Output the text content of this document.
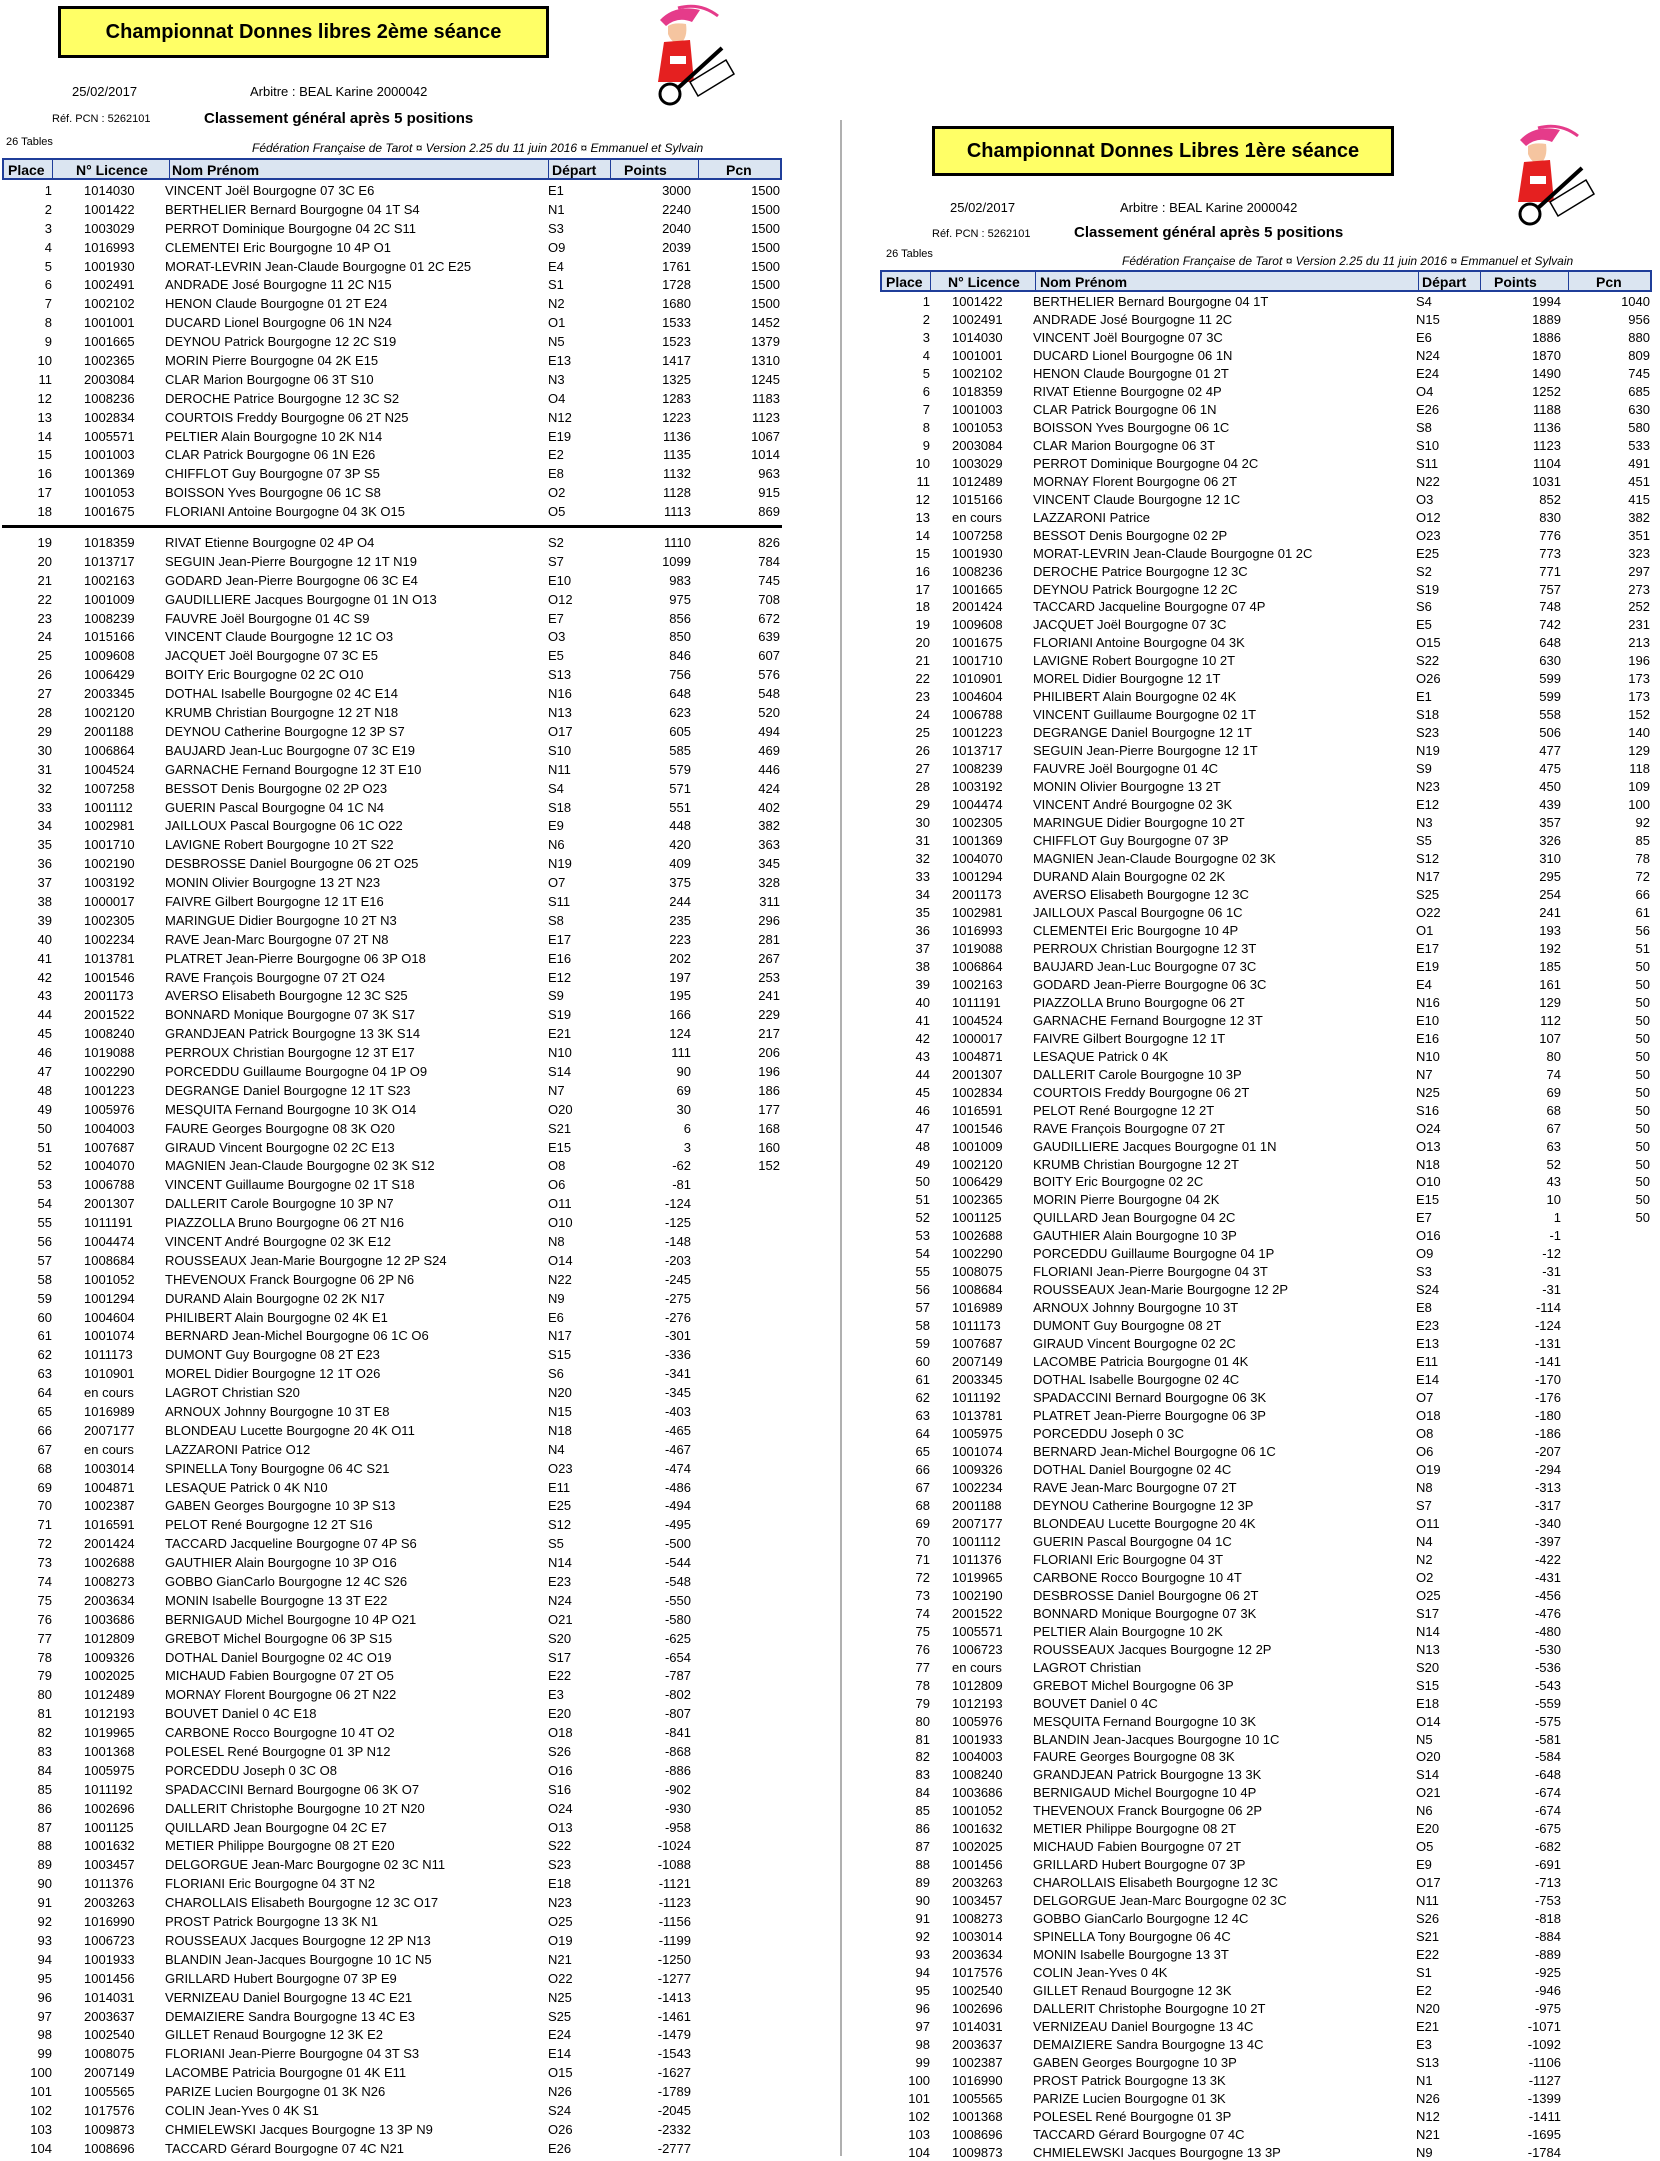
Championnat Donnes libres 2ème séance
25/02/2017	Arbitre : BEAL Karine 2000042
Réf. PCN : 5262101	Classement général après 5 positions
26 Tables	Fédération Française de Tarot ¤ Version 2.25 du 11 juin 2016 ¤ Emmanuel et Sylvain
Place N° Licence Nom Prénom	Départ Points	Pcn
1 1014030 VINCENT Joël Bourgogne 07 3C E6	E1	3000	1500
2 1001422 BERTHELIER Bernard Bourgogne 04 1T S4	N1	2240	1500
3 1003029 PERROT Dominique Bourgogne 04 2C S11	S3	2040	1500
4 1016993 CLEMENTEI Eric Bourgogne 10 4P O1	O9	2039	1500
5 1001930 MORAT-LEVRIN Jean-Claude Bourgogne 01 2C E25	E4	1761	1500
6 1002491 ANDRADE José Bourgogne 11 2C N15	S1	1728	1500
7 1002102 HENON Claude Bourgogne 01 2T E24	N2	1680	1500
8 1001001 DUCARD Lionel Bourgogne 06 1N N24	O1	1533	1452
9 1001665 DEYNOU Patrick Bourgogne 12 2C S19	N5	1523	1379
10 1002365 MORIN Pierre Bourgogne 04 2K E15	E13	1417	1310
11 2003084 CLAR Marion Bourgogne 06 3T S10	N3	1325	1245
12 1008236 DEROCHE Patrice Bourgogne 12 3C S2	O4	1283	1183
13 1002834 COURTOIS Freddy Bourgogne 06 2T N25	N12	1223	1123
14 1005571 PELTIER Alain Bourgogne 10 2K N14	E19	1136	1067
15 1001003 CLAR Patrick Bourgogne 06 1N E26	E2	1135	1014
16 1001369 CHIFFLOT Guy Bourgogne 07 3P S5	E8	1132	963
17 1001053 BOISSON Yves Bourgogne 06 1C S8	O2	1128	915
18 1001675 FLORIANI Antoine Bourgogne 04 3K O15	O5	1113	869
19 1018359 RIVAT Etienne Bourgogne 02 4P O4	S2	1110	826
20 1013717 SEGUIN Jean-Pierre Bourgogne 12 1T N19	S7	1099	784
21 1002163 GODARD Jean-Pierre Bourgogne 06 3C E4	E10	983	745
22 1001009 GAUDILLIERE Jacques Bourgogne 01 1N O13	O12	975	708
23 1008239 FAUVRE Joël Bourgogne 01 4C S9	E7	856	672
24 1015166 VINCENT Claude Bourgogne 12 1C O3	O3	850	639
25 1009608 JACQUET Joël Bourgogne 07 3C E5	E5	846	607
26 1006429 BOITY Eric Bourgogne 02 2C O10	S13	756	576
27 2003345 DOTHAL Isabelle Bourgogne 02 4C E14	N16	648	548
28 1002120 KRUMB Christian Bourgogne 12 2T N18	N13	623	520
29 2001188 DEYNOU Catherine Bourgogne 12 3P S7	O17	605	494
30 1006864 BAUJARD Jean-Luc Bourgogne 07 3C E19	S10	585	469
31 1004524 GARNACHE Fernand Bourgogne 12 3T E10	N11	579	446
32 1007258 BESSOT Denis Bourgogne 02 2P O23	S4	571	424
33 1001112 GUERIN Pascal Bourgogne 04 1C N4	S18	551	402
34 1002981 JAILLOUX Pascal Bourgogne 06 1C O22	E9	448	382
35 1001710 LAVIGNE Robert Bourgogne 10 2T S22	N6	420	363
36 1002190 DESBROSSE Daniel Bourgogne 06 2T O25	N19	409	345
37 1003192 MONIN Olivier Bourgogne 13 2T N23	O7	375	328
38 1000017 FAIVRE Gilbert Bourgogne 12 1T E16	S11	244	311
39 1002305 MARINGUE Didier Bourgogne 10 2T N3	S8	235	296
40 1002234 RAVE Jean-Marc Bourgogne 07 2T N8	E17	223	281
41 1013781 PLATRET Jean-Pierre Bourgogne 06 3P O18	E16	202	267
42 1001546 RAVE François Bourgogne 07 2T O24	E12	197	253
43 2001173 AVERSO Elisabeth Bourgogne 12 3C S25	S9	195	241
44 2001522 BONNARD Monique Bourgogne 07 3K S17	S19	166	229
45 1008240 GRANDJEAN Patrick Bourgogne 13 3K S14	E21	124	217
46 1019088 PERROUX Christian Bourgogne 12 3T E17	N10	111	206
47 1002290 PORCEDDU Guillaume Bourgogne 04 1P O9	S14	90	196
48 1001223 DEGRANGE Daniel Bourgogne 12 1T S23	N7	69	186
49 1005976 MESQUITA Fernand Bourgogne 10 3K O14	O20	30	177
50 1004003 FAURE Georges Bourgogne 08 3K O20	S21	6	168
51 1007687 GIRAUD Vincent Bourgogne 02 2C E13	E15	3	160
52 1004070 MAGNIEN Jean-Claude Bourgogne 02 3K S12	O8	-62	152
53 1006788 VINCENT Guillaume Bourgogne 02 1T S18	O6	-81
54 2001307 DALLERIT Carole Bourgogne 10 3P N7	O11	-124
55 1011191 PIAZZOLLA Bruno Bourgogne 06 2T N16	O10	-125
56 1004474 VINCENT André Bourgogne 02 3K E12	N8	-148
57 1008684 ROUSSEAUX Jean-Marie Bourgogne 12 2P S24	O14	-203
58 1001052 THEVENOUX Franck Bourgogne 06 2P N6	N22	-245
59 1001294 DURAND Alain Bourgogne 02 2K N17	N9	-275
60 1004604 PHILIBERT Alain Bourgogne 02 4K E1	E6	-276
61 1001074 BERNARD Jean-Michel Bourgogne 06 1C O6	N17	-301
62 1011173 DUMONT Guy Bourgogne 08 2T E23	S15	-336
63 1010901 MOREL Didier Bourgogne 12 1T O26	S6	-341
64 en cours LAGROT Christian S20	N20	-345
65 1016989 ARNOUX Johnny Bourgogne 10 3T E8	N15	-403
66 2007177 BLONDEAU Lucette Bourgogne 20 4K O11	N18	-465
67 en cours LAZZARONI Patrice O12	N4	-467
68 1003014 SPINELLA Tony Bourgogne 06 4C S21	O23	-474
69 1004871 LESAQUE Patrick 0 4K N10	E11	-486
70 1002387 GABEN Georges Bourgogne 10 3P S13	E25	-494
71 1016591 PELOT René Bourgogne 12 2T S16	S12	-495
72 2001424 TACCARD Jacqueline Bourgogne 07 4P S6	S5	-500
73 1002688 GAUTHIER Alain Bourgogne 10 3P O16	N14	-544
74 1008273 GOBBO GianCarlo Bourgogne 12 4C S26	E23	-548
75 2003634 MONIN Isabelle Bourgogne 13 3T E22	N24	-550
76 1003686 BERNIGAUD Michel Bourgogne 10 4P O21	O21	-580
77 1012809 GREBOT Michel Bourgogne 06 3P S15	S20	-625
78 1009326 DOTHAL Daniel Bourgogne 02 4C O19	S17	-654
79 1002025 MICHAUD Fabien Bourgogne 07 2T O5	E22	-787
80 1012489 MORNAY Florent Bourgogne 06 2T N22	E3	-802
81 1012193 BOUVET Daniel 0 4C E18	E20	-807
82 1019965 CARBONE Rocco Bourgogne 10 4T O2	O18	-841
83 1001368 POLESEL René Bourgogne 01 3P N12	S26	-868
84 1005975 PORCEDDU Joseph 0 3C O8	O16	-886
85 1011192 SPADACCINI Bernard Bourgogne 06 3K O7	S16	-902
86 1002696 DALLERIT Christophe Bourgogne 10 2T N20	O24	-930
87 1001125 QUILLARD Jean Bourgogne 04 2C E7	O13	-958
88 1001632 METIER Philippe Bourgogne 08 2T E20	S22	-1024
89 1003457 DELGORGUE Jean-Marc Bourgogne 02 3C N11	S23	-1088
90 1011376 FLORIANI Eric Bourgogne 04 3T N2	E18	-1121
91 2003263 CHAROLLAIS Elisabeth Bourgogne 12 3C O17	N23	-1123
92 1016990 PROST Patrick Bourgogne 13 3K N1	O25	-1156
93 1006723 ROUSSEAUX Jacques Bourgogne 12 2P N13	O19	-1199
94 1001933 BLANDIN Jean-Jacques Bourgogne 10 1C N5	N21	-1250
95 1001456 GRILLARD Hubert Bourgogne 07 3P E9	O22	-1277
96 1014031 VERNIZEAU Daniel Bourgogne 13 4C E21	N25	-1413
97 2003637 DEMAIZIERE Sandra Bourgogne 13 4C E3	S25	-1461
98 1002540 GILLET Renaud Bourgogne 12 3K E2	E24	-1479
99 1008075 FLORIANI Jean-Pierre Bourgogne 04 3T S3	E14	-1543
100 2007149 LACOMBE Patricia Bourgogne 01 4K E11	O15	-1627
101 1005565 PARIZE Lucien Bourgogne 01 3K N26	N26	-1789
102 1017576 COLIN Jean-Yves 0 4K S1	S24	-2045
103 1009873 CHMIELEWSKI Jacques Bourgogne 13 3P N9	O26	-2332
104 1008696 TACCARD Gérard Bourgogne 07 4C N21	E26	-2777
Championnat Donnes Libres 1ère séance
25/02/2017	Arbitre : BEAL Karine 2000042
Réf. PCN : 5262101	Classement général après 5 positions
26 Tables	Fédération Française de Tarot ¤ Version 2.25 du 11 juin 2016 ¤ Emmanuel et Sylvain
Place N° Licence Nom Prénom	Départ Points	Pcn
1 1001422 BERTHELIER Bernard Bourgogne 04 1T	S4	1994	1040
2 1002491 ANDRADE José Bourgogne 11 2C	N15	1889	956
3 1014030 VINCENT Joël Bourgogne 07 3C	E6	1886	880
4 1001001 DUCARD Lionel Bourgogne 06 1N	N24	1870	809
5 1002102 HENON Claude Bourgogne 01 2T	E24	1490	745
6 1018359 RIVAT Etienne Bourgogne 02 4P	O4	1252	685
7 1001003 CLAR Patrick Bourgogne 06 1N	E26	1188	630
8 1001053 BOISSON Yves Bourgogne 06 1C	S8	1136	580
9 2003084 CLAR Marion Bourgogne 06 3T	S10	1123	533
10 1003029 PERROT Dominique Bourgogne 04 2C	S11	1104	491
11 1012489 MORNAY Florent Bourgogne 06 2T	N22	1031	451
12 1015166 VINCENT Claude Bourgogne 12 1C	O3	852	415
13 en cours LAZZARONI Patrice	O12	830	382
14 1007258 BESSOT Denis Bourgogne 02 2P	O23	776	351
15 1001930 MORAT-LEVRIN Jean-Claude Bourgogne 01 2C	E25	773	323
16 1008236 DEROCHE Patrice Bourgogne 12 3C	S2	771	297
17 1001665 DEYNOU Patrick Bourgogne 12 2C	S19	757	273
18 2001424 TACCARD Jacqueline Bourgogne 07 4P	S6	748	252
19 1009608 JACQUET Joël Bourgogne 07 3C	E5	742	231
20 1001675 FLORIANI Antoine Bourgogne 04 3K	O15	648	213
21 1001710 LAVIGNE Robert Bourgogne 10 2T	S22	630	196
22 1010901 MOREL Didier Bourgogne 12 1T	O26	599	173
23 1004604 PHILIBERT Alain Bourgogne 02 4K	E1	599	173
24 1006788 VINCENT Guillaume Bourgogne 02 1T	S18	558	152
25 1001223 DEGRANGE Daniel Bourgogne 12 1T	S23	506	140
26 1013717 SEGUIN Jean-Pierre Bourgogne 12 1T	N19	477	129
27 1008239 FAUVRE Joël Bourgogne 01 4C	S9	475	118
28 1003192 MONIN Olivier Bourgogne 13 2T	N23	450	109
29 1004474 VINCENT André Bourgogne 02 3K	E12	439	100
30 1002305 MARINGUE Didier Bourgogne 10 2T	N3	357	92
31 1001369 CHIFFLOT Guy Bourgogne 07 3P	S5	326	85
32 1004070 MAGNIEN Jean-Claude Bourgogne 02 3K	S12	310	78
33 1001294 DURAND Alain Bourgogne 02 2K	N17	295	72
34 2001173 AVERSO Elisabeth Bourgogne 12 3C	S25	254	66
35 1002981 JAILLOUX Pascal Bourgogne 06 1C	O22	241	61
36 1016993 CLEMENTEI Eric Bourgogne 10 4P	O1	193	56
37 1019088 PERROUX Christian Bourgogne 12 3T	E17	192	51
38 1006864 BAUJARD Jean-Luc Bourgogne 07 3C	E19	185	50
39 1002163 GODARD Jean-Pierre Bourgogne 06 3C	E4	161	50
40 1011191 PIAZZOLLA Bruno Bourgogne 06 2T	N16	129	50
41 1004524 GARNACHE Fernand Bourgogne 12 3T	E10	112	50
42 1000017 FAIVRE Gilbert Bourgogne 12 1T	E16	107	50
43 1004871 LESAQUE Patrick 0 4K	N10	80	50
44 2001307 DALLERIT Carole Bourgogne 10 3P	N7	74	50
45 1002834 COURTOIS Freddy Bourgogne 06 2T	N25	69	50
46 1016591 PELOT René Bourgogne 12 2T	S16	68	50
47 1001546 RAVE François Bourgogne 07 2T	O24	67	50
48 1001009 GAUDILLIERE Jacques Bourgogne 01 1N	O13	63	50
49 1002120 KRUMB Christian Bourgogne 12 2T	N18	52	50
50 1006429 BOITY Eric Bourgogne 02 2C	O10	43	50
51 1002365 MORIN Pierre Bourgogne 04 2K	E15	10	50
52 1001125 QUILLARD Jean Bourgogne 04 2C	E7	1	50
53 1002688 GAUTHIER Alain Bourgogne 10 3P	O16	-1
54 1002290 PORCEDDU Guillaume Bourgogne 04 1P	O9	-12
55 1008075 FLORIANI Jean-Pierre Bourgogne 04 3T	S3	-31
56 1008684 ROUSSEAUX Jean-Marie Bourgogne 12 2P	S24	-31
57 1016989 ARNOUX Johnny Bourgogne 10 3T	E8	-114
58 1011173 DUMONT Guy Bourgogne 08 2T	E23	-124
59 1007687 GIRAUD Vincent Bourgogne 02 2C	E13	-131
60 2007149 LACOMBE Patricia Bourgogne 01 4K	E11	-141
61 2003345 DOTHAL Isabelle Bourgogne 02 4C	E14	-170
62 1011192 SPADACCINI Bernard Bourgogne 06 3K	O7	-176
63 1013781 PLATRET Jean-Pierre Bourgogne 06 3P	O18	-180
64 1005975 PORCEDDU Joseph 0 3C	O8	-186
65 1001074 BERNARD Jean-Michel Bourgogne 06 1C	O6	-207
66 1009326 DOTHAL Daniel Bourgogne 02 4C	O19	-294
67 1002234 RAVE Jean-Marc Bourgogne 07 2T	N8	-313
68 2001188 DEYNOU Catherine Bourgogne 12 3P	S7	-317
69 2007177 BLONDEAU Lucette Bourgogne 20 4K	O11	-340
70 1001112 GUERIN Pascal Bourgogne 04 1C	N4	-397
71 1011376 FLORIANI Eric Bourgogne 04 3T	N2	-422
72 1019965 CARBONE Rocco Bourgogne 10 4T	O2	-431
73 1002190 DESBROSSE Daniel Bourgogne 06 2T	O25	-456
74 2001522 BONNARD Monique Bourgogne 07 3K	S17	-476
75 1005571 PELTIER Alain Bourgogne 10 2K	N14	-480
76 1006723 ROUSSEAUX Jacques Bourgogne 12 2P	N13	-530
77 en cours LAGROT Christian	S20	-536
78 1012809 GREBOT Michel Bourgogne 06 3P	S15	-543
79 1012193 BOUVET Daniel 0 4C	E18	-559
80 1005976 MESQUITA Fernand Bourgogne 10 3K	O14	-575
81 1001933 BLANDIN Jean-Jacques Bourgogne 10 1C	N5	-581
82 1004003 FAURE Georges Bourgogne 08 3K	O20	-584
83 1008240 GRANDJEAN Patrick Bourgogne 13 3K	S14	-648
84 1003686 BERNIGAUD Michel Bourgogne 10 4P	O21	-674
85 1001052 THEVENOUX Franck Bourgogne 06 2P	N6	-674
86 1001632 METIER Philippe Bourgogne 08 2T	E20	-675
87 1002025 MICHAUD Fabien Bourgogne 07 2T	O5	-682
88 1001456 GRILLARD Hubert Bourgogne 07 3P	E9	-691
89 2003263 CHAROLLAIS Elisabeth Bourgogne 12 3C	O17	-713
90 1003457 DELGORGUE Jean-Marc Bourgogne 02 3C	N11	-753
91 1008273 GOBBO GianCarlo Bourgogne 12 4C	S26	-818
92 1003014 SPINELLA Tony Bourgogne 06 4C	S21	-884
93 2003634 MONIN Isabelle Bourgogne 13 3T	E22	-889
94 1017576 COLIN Jean-Yves 0 4K	S1	-925
95 1002540 GILLET Renaud Bourgogne 12 3K	E2	-946
96 1002696 DALLERIT Christophe Bourgogne 10 2T	N20	-975
97 1014031 VERNIZEAU Daniel Bourgogne 13 4C	E21	-1071
98 2003637 DEMAIZIERE Sandra Bourgogne 13 4C	E3	-1092
99 1002387 GABEN Georges Bourgogne 10 3P	S13	-1106
100 1016990 PROST Patrick Bourgogne 13 3K	N1	-1127
101 1005565 PARIZE Lucien Bourgogne 01 3K	N26	-1399
102 1001368 POLESEL René Bourgogne 01 3P	N12	-1411
103 1008696 TACCARD Gérard Bourgogne 07 4C	N21	-1695
104 1009873 CHMIELEWSKI Jacques Bourgogne 13 3P	N9	-1784
